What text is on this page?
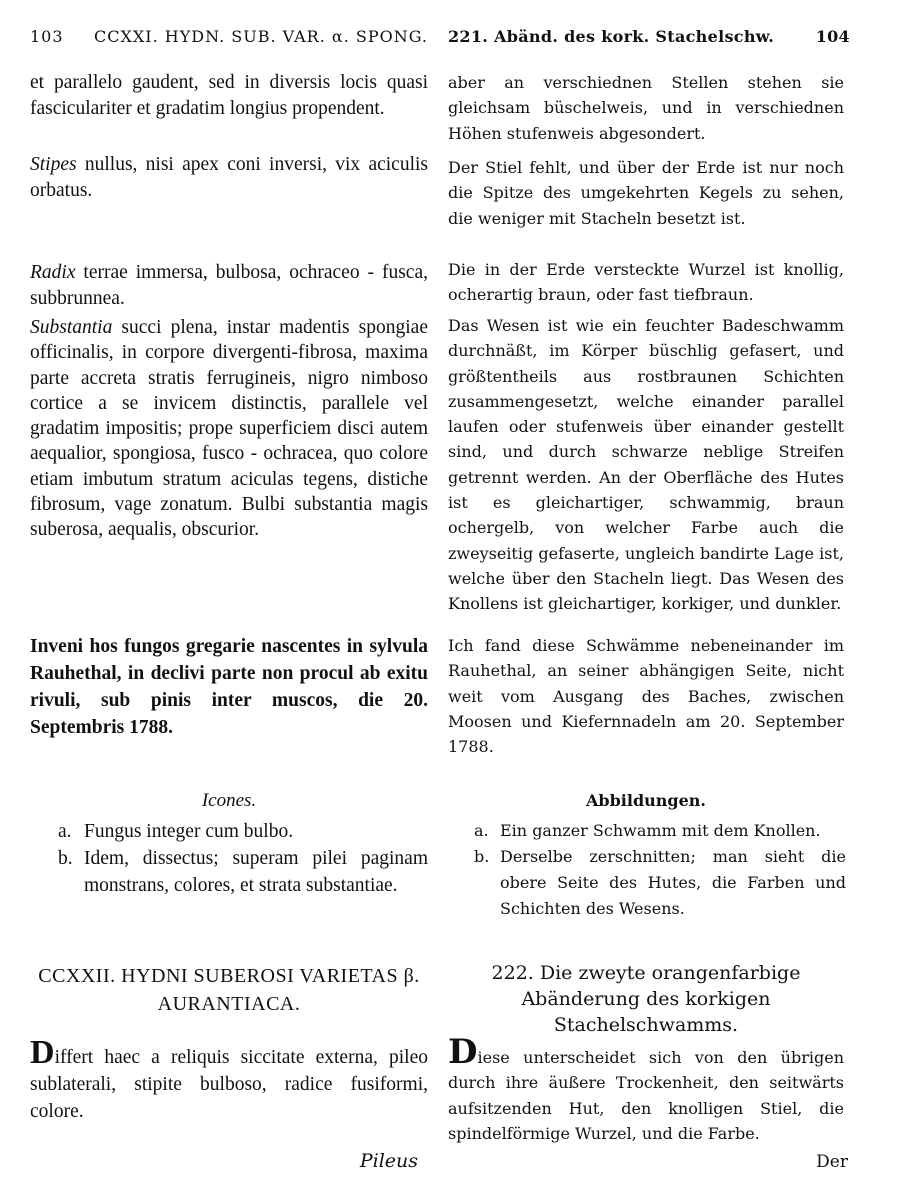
103 CCXXI. HYDN. SUB. VAR. α. SPONG. 221. Abänd. des kork. Stachelschw.	104

et parallelo gaudent, sed in diversis locis quasi fasciculariter et gradatim longius propendent.

Stipes nullus, nisi apex coni inversi, vix aciculis orbatus.

Radix terrae immersa, bulbosa, ochraceo - fusca, subbrunnea.

Substantia succi plena, instar madentis spongiae officinalis, in corpore divergenti-fibrosa, maxima parte accreta stratis ferrugineis, nigro nimboso cortice a se invicem distinctis, parallele vel gradatim impositis; prope superficiem disci autem aequalior, spongiosa, fusco - ochracea, quo colore etiam imbutum stratum aciculas tegens, distiche fibrosum, vage zonatum. Bulbi substantia magis suberosa, aequalis, obscurior.

Inveni hos fungos gregarie nascentes in sylvula Rauhethal, in declivi parte non procul ab exitu rivuli, sub pinis inter muscos, die 20. Septembris 1788.

Icones.
a. Fungus integer cum bulbo.
b. Idem, dissectus; superam pilei paginam monstrans, colores, et strata substantiae.
CCXXII. HYDNI SUBEROSI VARIETAS β. AURANTIACA.

Differt haec a reliquis siccitate externa, pileo sublaterali, stipite bulboso, radice fusiformi, colore.

Pileus

aber an verschiednen Stellen stehen sie gleichsam büschelweis, und in verschiednen Höhen stufenweis abgesondert.

Der Stiel fehlt, und über der Erde ist nur noch die Spitze des umgekehrten Kegels zu sehen, die weniger mit Stacheln besetzt ist.

Die in der Erde versteckte Wurzel ist knollig, ocherartig braun, oder fast tiefbraun.

Das Wesen ist wie ein feuchter Badeschwamm durchnäßt, im Körper büschlig gefasert, und größtentheils aus rostbraunen Schichten zusammengesetzt, welche einander parallel laufen oder stufenweis über einander gestellt sind, und durch schwarze neblige Streifen getrennt werden. An der Oberfläche des Hutes ist es gleichartiger, schwammig, braun ochergelb, von welcher Farbe auch die zweyseitig gefaserte, ungleich bandirte Lage ist, welche über den Stacheln liegt. Das Wesen des Knollens ist gleichartiger, korkiger, und dunkler.

Ich fand diese Schwämme nebeneinander im Rauhethal, an seiner abhängigen Seite, nicht weit vom Ausgang des Baches, zwischen Moosen und Kiefernnadeln am 20. September 1788.

Abbildungen.
a. Ein ganzer Schwamm mit dem Knollen.
b. Derselbe zerschnitten; man sieht die obere Seite des Hutes, die Farben und Schichten des Wesens.
222. Die zweyte orangenfarbige Abänderung des korkigen Stachelschwamms.

Diese unterscheidet sich von den übrigen durch ihre äußere Trockenheit, den seitwärts aufsitzenden Hut, den knolligen Stiel, die spindelförmige Wurzel, und die Farbe.

Der
